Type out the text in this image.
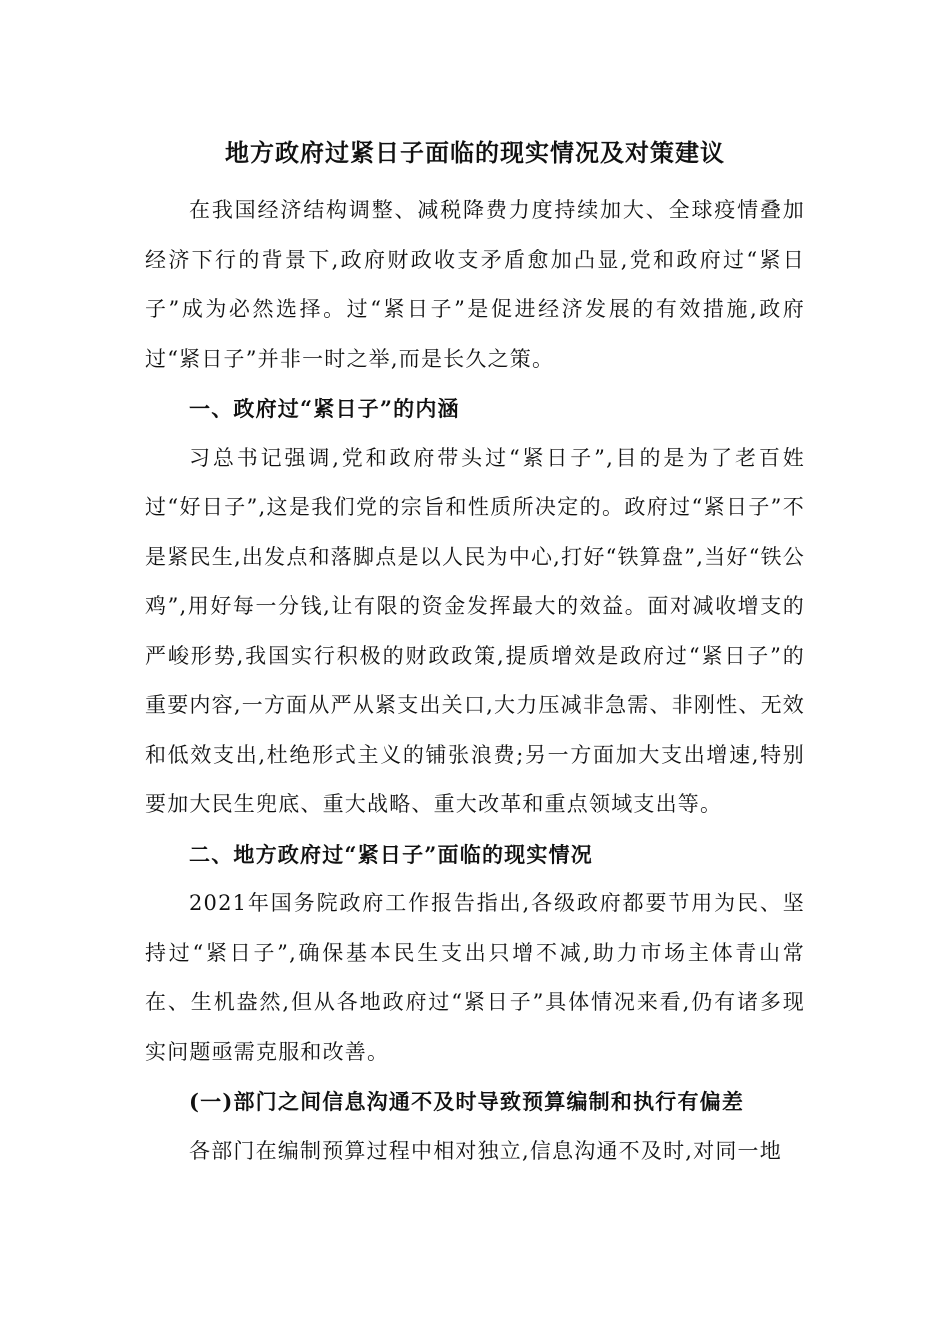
地方政府过紧日子面临的现实情况及对策建议

在我国经济结构调整、减税降费力度持续加大、全球疫情叠加经济下行的背景下,政府财政收支矛盾愈加凸显,党和政府过“紧日子”成为必然选择。过“紧日子”是促进经济发展的有效措施,政府过“紧日子”并非一时之举,而是长久之策。

一、政府过“紧日子”的内涵

习总书记强调,党和政府带头过“紧日子”,目的是为了老百姓过“好日子”,这是我们党的宗旨和性质所决定的。政府过“紧日子”不是紧民生,出发点和落脚点是以人民为中心,打好“铁算盘”,当好“铁公鸡”,用好每一分钱,让有限的资金发挥最大的效益。面对减收增支的严峻形势,我国实行积极的财政政策,提质增效是政府过“紧日子”的重要内容,一方面从严从紧支出关口,大力压减非急需、非刚性、无效和低效支出,杜绝形式主义的铺张浪费;另一方面加大支出增速,特别要加大民生兜底、重大战略、重大改革和重点领域支出等。

二、地方政府过“紧日子”面临的现实情况

2021年国务院政府工作报告指出,各级政府都要节用为民、坚持过“紧日子”,确保基本民生支出只增不减,助力市场主体青山常在、生机盎然,但从各地政府过“紧日子”具体情况来看,仍有诸多现实问题亟需克服和改善。

(一)部门之间信息沟通不及时导致预算编制和执行有偏差

各部门在编制预算过程中相对独立,信息沟通不及时,对同一地
